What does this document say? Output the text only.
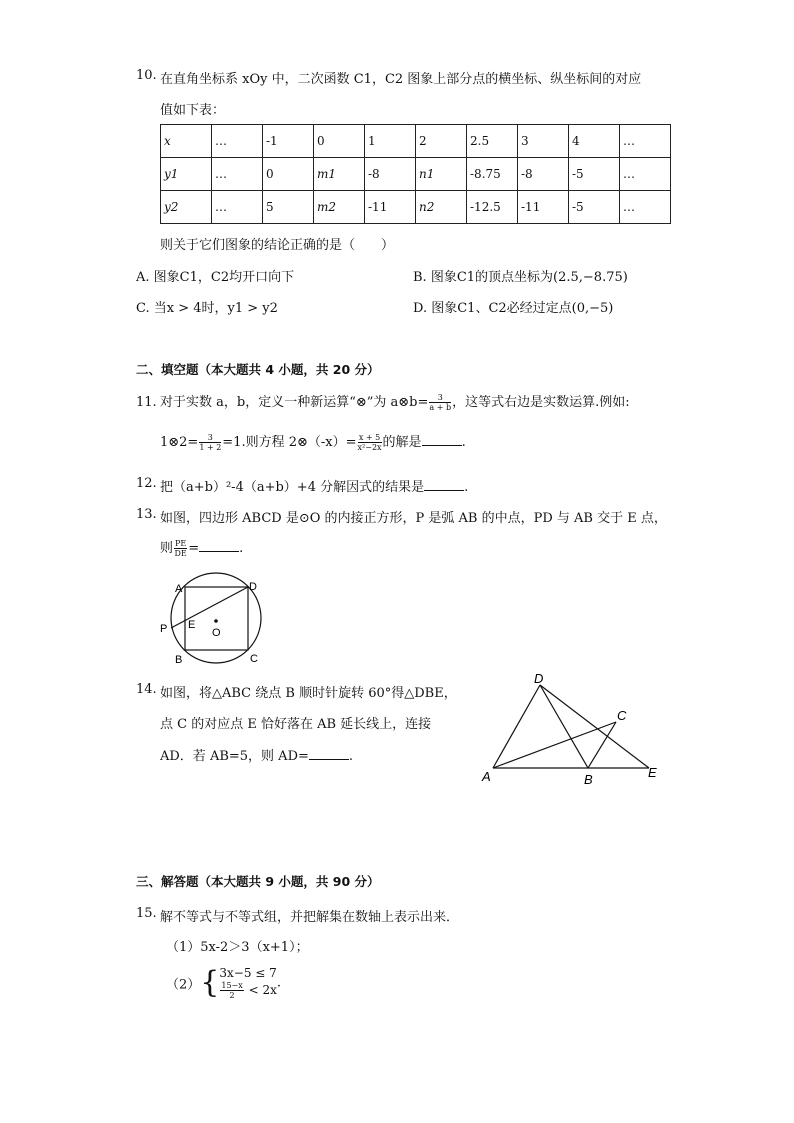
10. 在直角坐标系 xOy 中，二次函数 C1，C2 图象上部分点的横坐标、纵坐标间的对应
值如下表：
x	…	-1	0	1	2	2.5	3	4	…
y1	…	0	m1	-8	n1	-8.75	-8	-5	…
y2	…	5	m2	-11	n2	-12.5	-11	-5	…
则关于它们图象的结论正确的是（　　）
A. 图象C1，C2均开口向下	B. 图象C1的顶点坐标为(2.5,−8.75)
C. 当x > 4时，y1 > y2	D. 图象C1、C2必经过定点(0,−5)
二、填空题（本大题共 4 小题，共 20 分）
11. 对于实数 a，b，定义一种新运算“⊗”为 a⊗b= $\frac{3}{a + b}$ ，这等式右边是实数运算.例如:
1⊗2= $\frac{3}{1 + 2} =1$.则方程 2⊗（-x）= $\frac{x + 5}{\text{x²−2x}}$ 的解是	.
12. 把（a+b）²-4（a+b）+4 分解因式的结果是	.
13. 如图，四边形 ABCD 是⊙O 的内接正方形，P 是弧 AB 的中点，PD 与 AB 交于 E 点，
则 $\frac{PE}{DE}$ =	.
A	D
P E
O
B	C
14. 如图，将△ABC 绕点 B 顺时针旋转 60°得△DBE，
点 C 的对应点 E 恰好落在 AB 延长线上，连接
AD．若 AB=5，则 AD=	.
D
C
A	B	E
三、解答题（本大题共 9 小题，共 90 分）
15. 解不等式与不等式组，并把解集在数轴上表示出来．
（1）5x-2＞3（x+1）；
（2）{ 3x−5 ≤ 7
$\frac{15-x}{2} < 2x$ .
